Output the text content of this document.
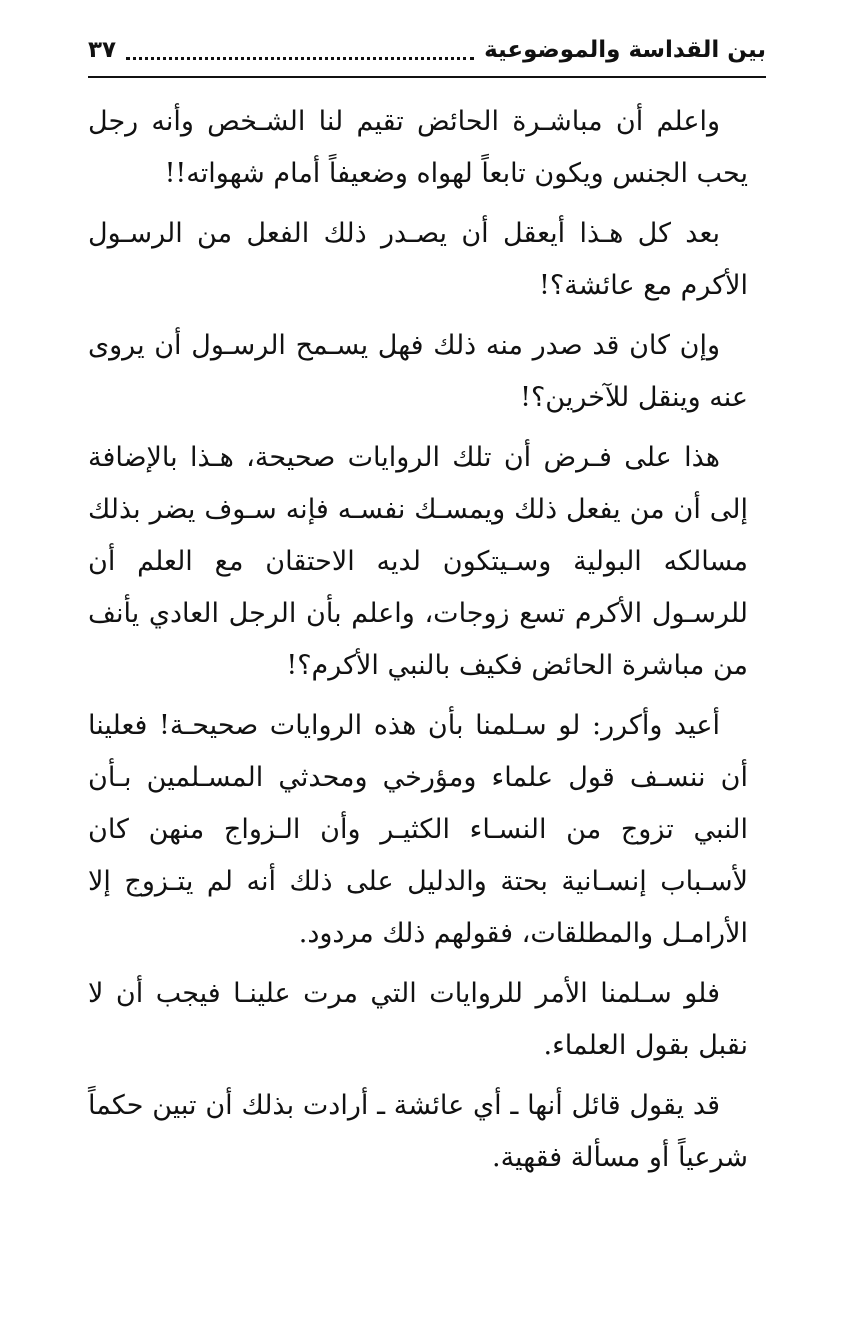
بين القداسة والموضوعية
٣٧

واعلم أن مباشـرة الحائض تقيم لنا الشـخص وأنه رجل يحب الجنس ويكون تابعاً لهواه وضعيفاً أمام شهواته!!

بعد كل هـذا أيعقل أن يصـدر ذلك الفعل من الرسـول الأكرم مع عائشة؟!

وإن كان قد صدر منه ذلك فهل يسـمح الرسـول أن يروى عنه وينقل للآخرين؟!

هذا على فـرض أن تلك الروايات صحيحة، هـذا بالإضافة إلى أن من يفعل ذلك ويمسـك نفسـه فإنه سـوف يضر بذلك مسالكه البولية وسـيتكون لديه الاحتقان مع العلم أن للرسـول الأكرم تسع زوجات، واعلم بأن الرجل العادي يأنف من مباشرة الحائض فكيف بالنبي الأكرم؟!

أعيد وأكرر: لو سـلمنا بأن هذه الروايات صحيحـة! فعلينا أن ننسـف قول علماء ومؤرخي ومحدثي المسـلمين بـأن النبي تزوج من النسـاء الكثيـر وأن الـزواج منهن كان لأسـباب إنسـانية بحتة والدليل على ذلك أنه لم يتـزوج إلا الأرامـل والمطلقات، فقولهم ذلك مردود.

فلو سـلمنا الأمر للروايات التي مرت علينـا فيجب أن لا نقبل بقول العلماء.

قد يقول قائل أنها ـ أي عائشة ـ أرادت بذلك أن تبين حكماً شرعياً أو مسألة فقهية.
